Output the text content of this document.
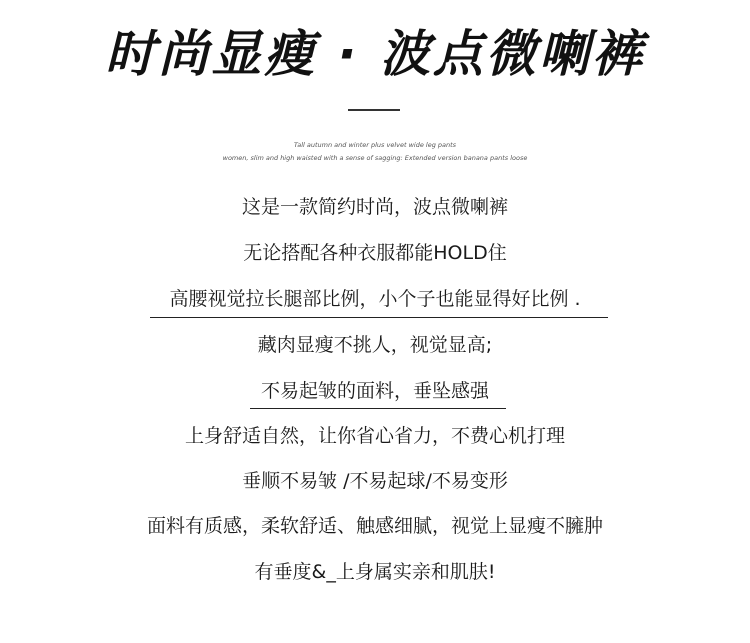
时尚显瘦 · 波点微喇裤
Tall autumn and winter plus velvet wide leg pants
women, slim and high waisted with a sense of sagging: Extended version banana pants loose
这是一款简约时尚，波点微喇裤
无论搭配各种衣服都能HOLD住
高腰视觉拉长腿部比例，小个子也能显得好比例 .
藏肉显瘦不挑人，视觉显高;
不易起皱的面料，垂坠感强
上身舒适自然，让你省心省力，不费心机打理
垂顺不易皱 /不易起球/不易变形
面料有质感，柔软舒适、触感细腻，视觉上显瘦不臃肿
有垂度&_上身属实亲和肌肤!
